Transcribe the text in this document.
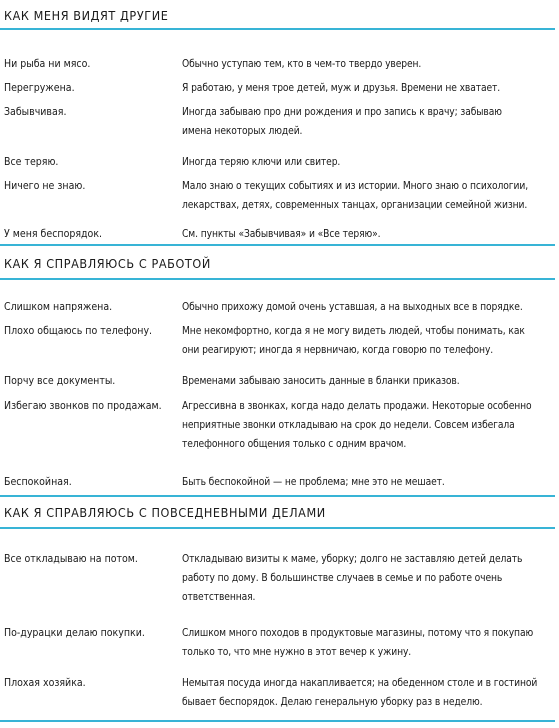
КАК МЕНЯ ВИДЯТ ДРУГИЕ
Ни рыба ни мясо.	Обычно уступаю тем, кто в чем-то твердо уверен.
Перегружена.	Я работаю, у меня трое детей, муж и друзья. Времени не хватает.
Забывчивая.	Иногда забываю про дни рождения и про запись к врачу; забываю
имена некоторых людей.
Все теряю.	Иногда теряю ключи или свитер.
Ничего не знаю.	Мало знаю о текущих событиях и из истории. Много знаю о психологии,
лекарствах, детях, современных танцах, организации семейной жизни.
У меня беспорядок.	См. пункты «Забывчивая» и «Все теряю».
КАК Я СПРАВЛЯЮСЬ С РАБОТОЙ
Слишком напряжена.	Обычно прихожу домой очень уставшая, а на выходных все в порядке.
Плохо общаюсь по телефону.	Мне некомфортно, когда я не могу видеть людей, чтобы понимать, как
они реагируют; иногда я нервничаю, когда говорю по телефону.
Порчу все документы.	Временами забываю заносить данные в бланки приказов.
Избегаю звонков по продажам.	Агрессивна в звонках, когда надо делать продажи. Некоторые особенно
неприятные звонки откладываю на срок до недели. Совсем избегала
телефонного общения только с одним врачом.
Беспокойная.	Быть беспокойной — не проблема; мне это не мешает.
КАК Я СПРАВЛЯЮСЬ С ПОВСЕДНЕВНЫМИ ДЕЛАМИ
Все откладываю на потом.	Откладываю визиты к маме, уборку; долго не заставляю детей делать
работу по дому. В большинстве случаев в семье и по работе очень
ответственная.
По-дурацки делаю покупки.	Слишком много походов в продуктовые магазины, потому что я покупаю
только то, что мне нужно в этот вечер к ужину.
Плохая хозяйка.	Немытая посуда иногда накапливается; на обеденном столе и в гостиной
бывает беспорядок. Делаю генеральную уборку раз в неделю.
